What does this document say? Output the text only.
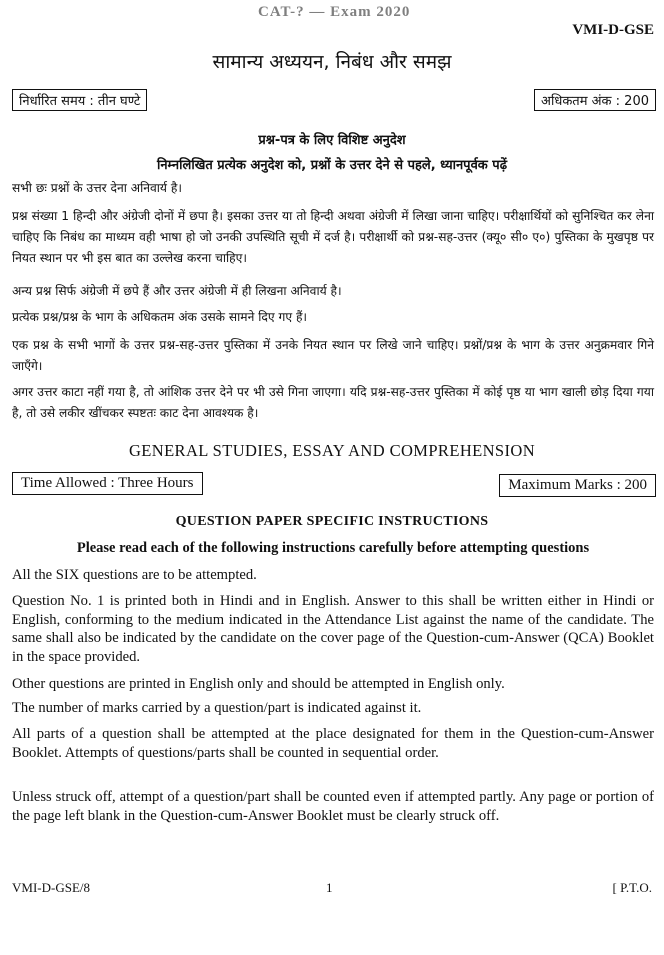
CAT-? — Exam 2020
VMI-D-GSE
सामान्य अध्ययन, निबंध और समझ
निर्धारित समय : तीन घण्टे	अधिकतम अंक : 200
प्रश्न-पत्र के लिए विशिष्ट अनुदेश
निम्नलिखित प्रत्येक अनुदेश को, प्रश्नों के उत्तर देने से पहले, ध्यानपूर्वक पढ़ें
सभी छः प्रश्नों के उत्तर देना अनिवार्य है।
प्रश्न संख्या 1 हिन्दी और अंग्रेजी दोनों में छपा है। इसका उत्तर या तो हिन्दी अथवा अंग्रेजी में लिखा जाना चाहिए। परीक्षार्थियों को सुनिश्चित कर लेना चाहिए कि निबंध का माध्यम वही भाषा हो जो उनकी उपस्थिति सूची में दर्ज है। परीक्षार्थी को प्रश्न-सह-उत्तर (क्यू० सी० ए०) पुस्तिका के मुखपृष्ठ पर नियत स्थान पर भी इस बात का उल्लेख करना चाहिए।
अन्य प्रश्न सिर्फ अंग्रेजी में छपे हैं और उत्तर अंग्रेजी में ही लिखना अनिवार्य है।
प्रत्येक प्रश्न/प्रश्न के भाग के अधिकतम अंक उसके सामने दिए गए हैं।
एक प्रश्न के सभी भागों के उत्तर प्रश्न-सह-उत्तर पुस्तिका में उनके नियत स्थान पर लिखे जाने चाहिए। प्रश्नों/प्रश्न के भाग के उत्तर अनुक्रमवार गिने जाएँगे।
अगर उत्तर काटा नहीं गया है, तो आंशिक उत्तर देने पर भी उसे गिना जाएगा। यदि प्रश्न-सह-उत्तर पुस्तिका में कोई पृष्ठ या भाग खाली छोड़ दिया गया है, तो उसे लकीर खींचकर स्पष्टतः काट देना आवश्यक है।
GENERAL STUDIES, ESSAY AND COMPREHENSION
Time Allowed : Three Hours	Maximum Marks : 200
QUESTION PAPER SPECIFIC INSTRUCTIONS
Please read each of the following instructions carefully before attempting questions
All the SIX questions are to be attempted.
Question No. 1 is printed both in Hindi and in English. Answer to this shall be written either in Hindi or English, conforming to the medium indicated in the Attendance List against the name of the candidate. The same shall also be indicated by the candidate on the cover page of the Question-cum-Answer (QCA) Booklet in the space provided.
Other questions are printed in English only and should be attempted in English only.
The number of marks carried by a question/part is indicated against it.
All parts of a question shall be attempted at the place designated for them in the Question-cum-Answer Booklet. Attempts of questions/parts shall be counted in sequential order.
Unless struck off, attempt of a question/part shall be counted even if attempted partly. Any page or portion of the page left blank in the Question-cum-Answer Booklet must be clearly struck off.
VMI-D-GSE/8	1	[ P.T.O.
